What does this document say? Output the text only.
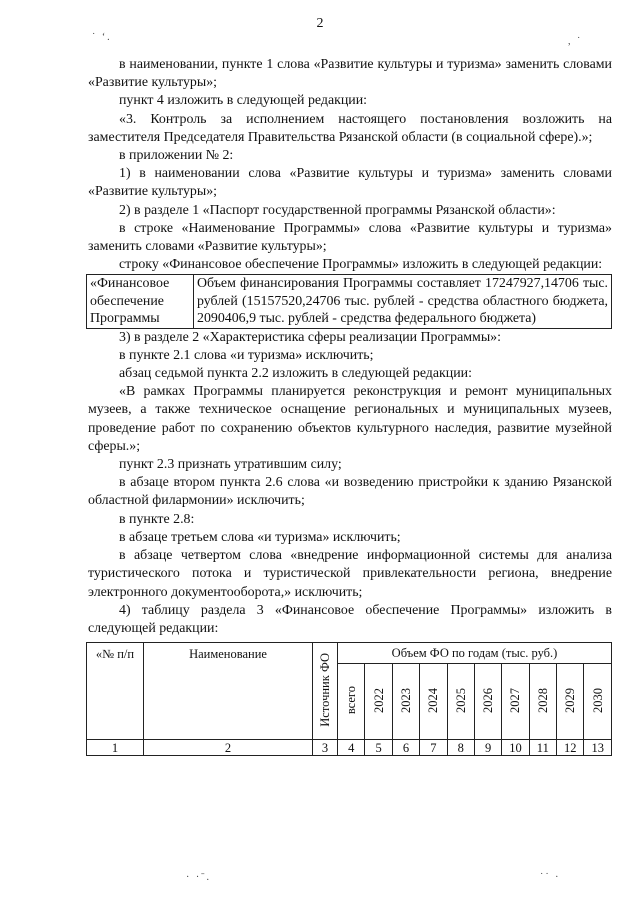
2
˙ ʻ.	, ˙
· ·ˉ.	˙˙ ·

в наименовании, пункте 1 слова «Развитие культуры и туризма» заменить словами «Развитие культуры»;

пункт 4 изложить в следующей редакции:

«3. Контроль за исполнением настоящего постановления возложить на заместителя Председателя Правительства Рязанской области (в социальной сфере).»;

в приложении № 2:

1) в наименовании слова «Развитие культуры и туризма» заменить словами «Развитие культуры»;

2) в разделе 1 «Паспорт государственной программы Рязанской области»:

в строке «Наименование Программы» слова «Развитие культуры и туризма» заменить словами «Развитие культуры»;

строку «Финансовое обеспечение Программы» изложить в следующей редакции:

«Финансовое обеспечение Программы	Объем финансирования Программы составляет 17247927,14706 тыс. рублей (15157520,24706 тыс. рублей - средства областного бюджета, 2090406,9 тыс. рублей - средства федерального бюджета)

3) в разделе 2 «Характеристика сферы реализации Программы»:

в пункте 2.1 слова «и туризма» исключить;

абзац седьмой пункта 2.2 изложить в следующей редакции:

«В рамках Программы планируется реконструкция и ремонт муниципальных музеев, а также техническое оснащение региональных и муниципальных музеев, проведение работ по сохранению объектов культурного наследия, развитие музейной сферы.»;

пункт 2.3 признать утратившим силу;

в абзаце втором пункта 2.6 слова «и возведению пристройки к зданию Рязанской областной филармонии» исключить;

в пункте 2.8:

в абзаце третьем слова «и туризма» исключить;

в абзаце четвертом слова «внедрение информационной системы для анализа туристического потока и туристической привлекательности региона, внедрение электронного документооборота,» исключить;

4) таблицу раздела 3 «Финансовое обеспечение Программы» изложить в следующей редакции:

«№ п/п	Наименование	Источник ФО	Объем ФО по годам (тыс. руб.)									
			всего	2022	2023	2024	2025	2026	2027	2028	2029	2030
1	2	3	4	5	6	7	8	9	10	11	12	13
